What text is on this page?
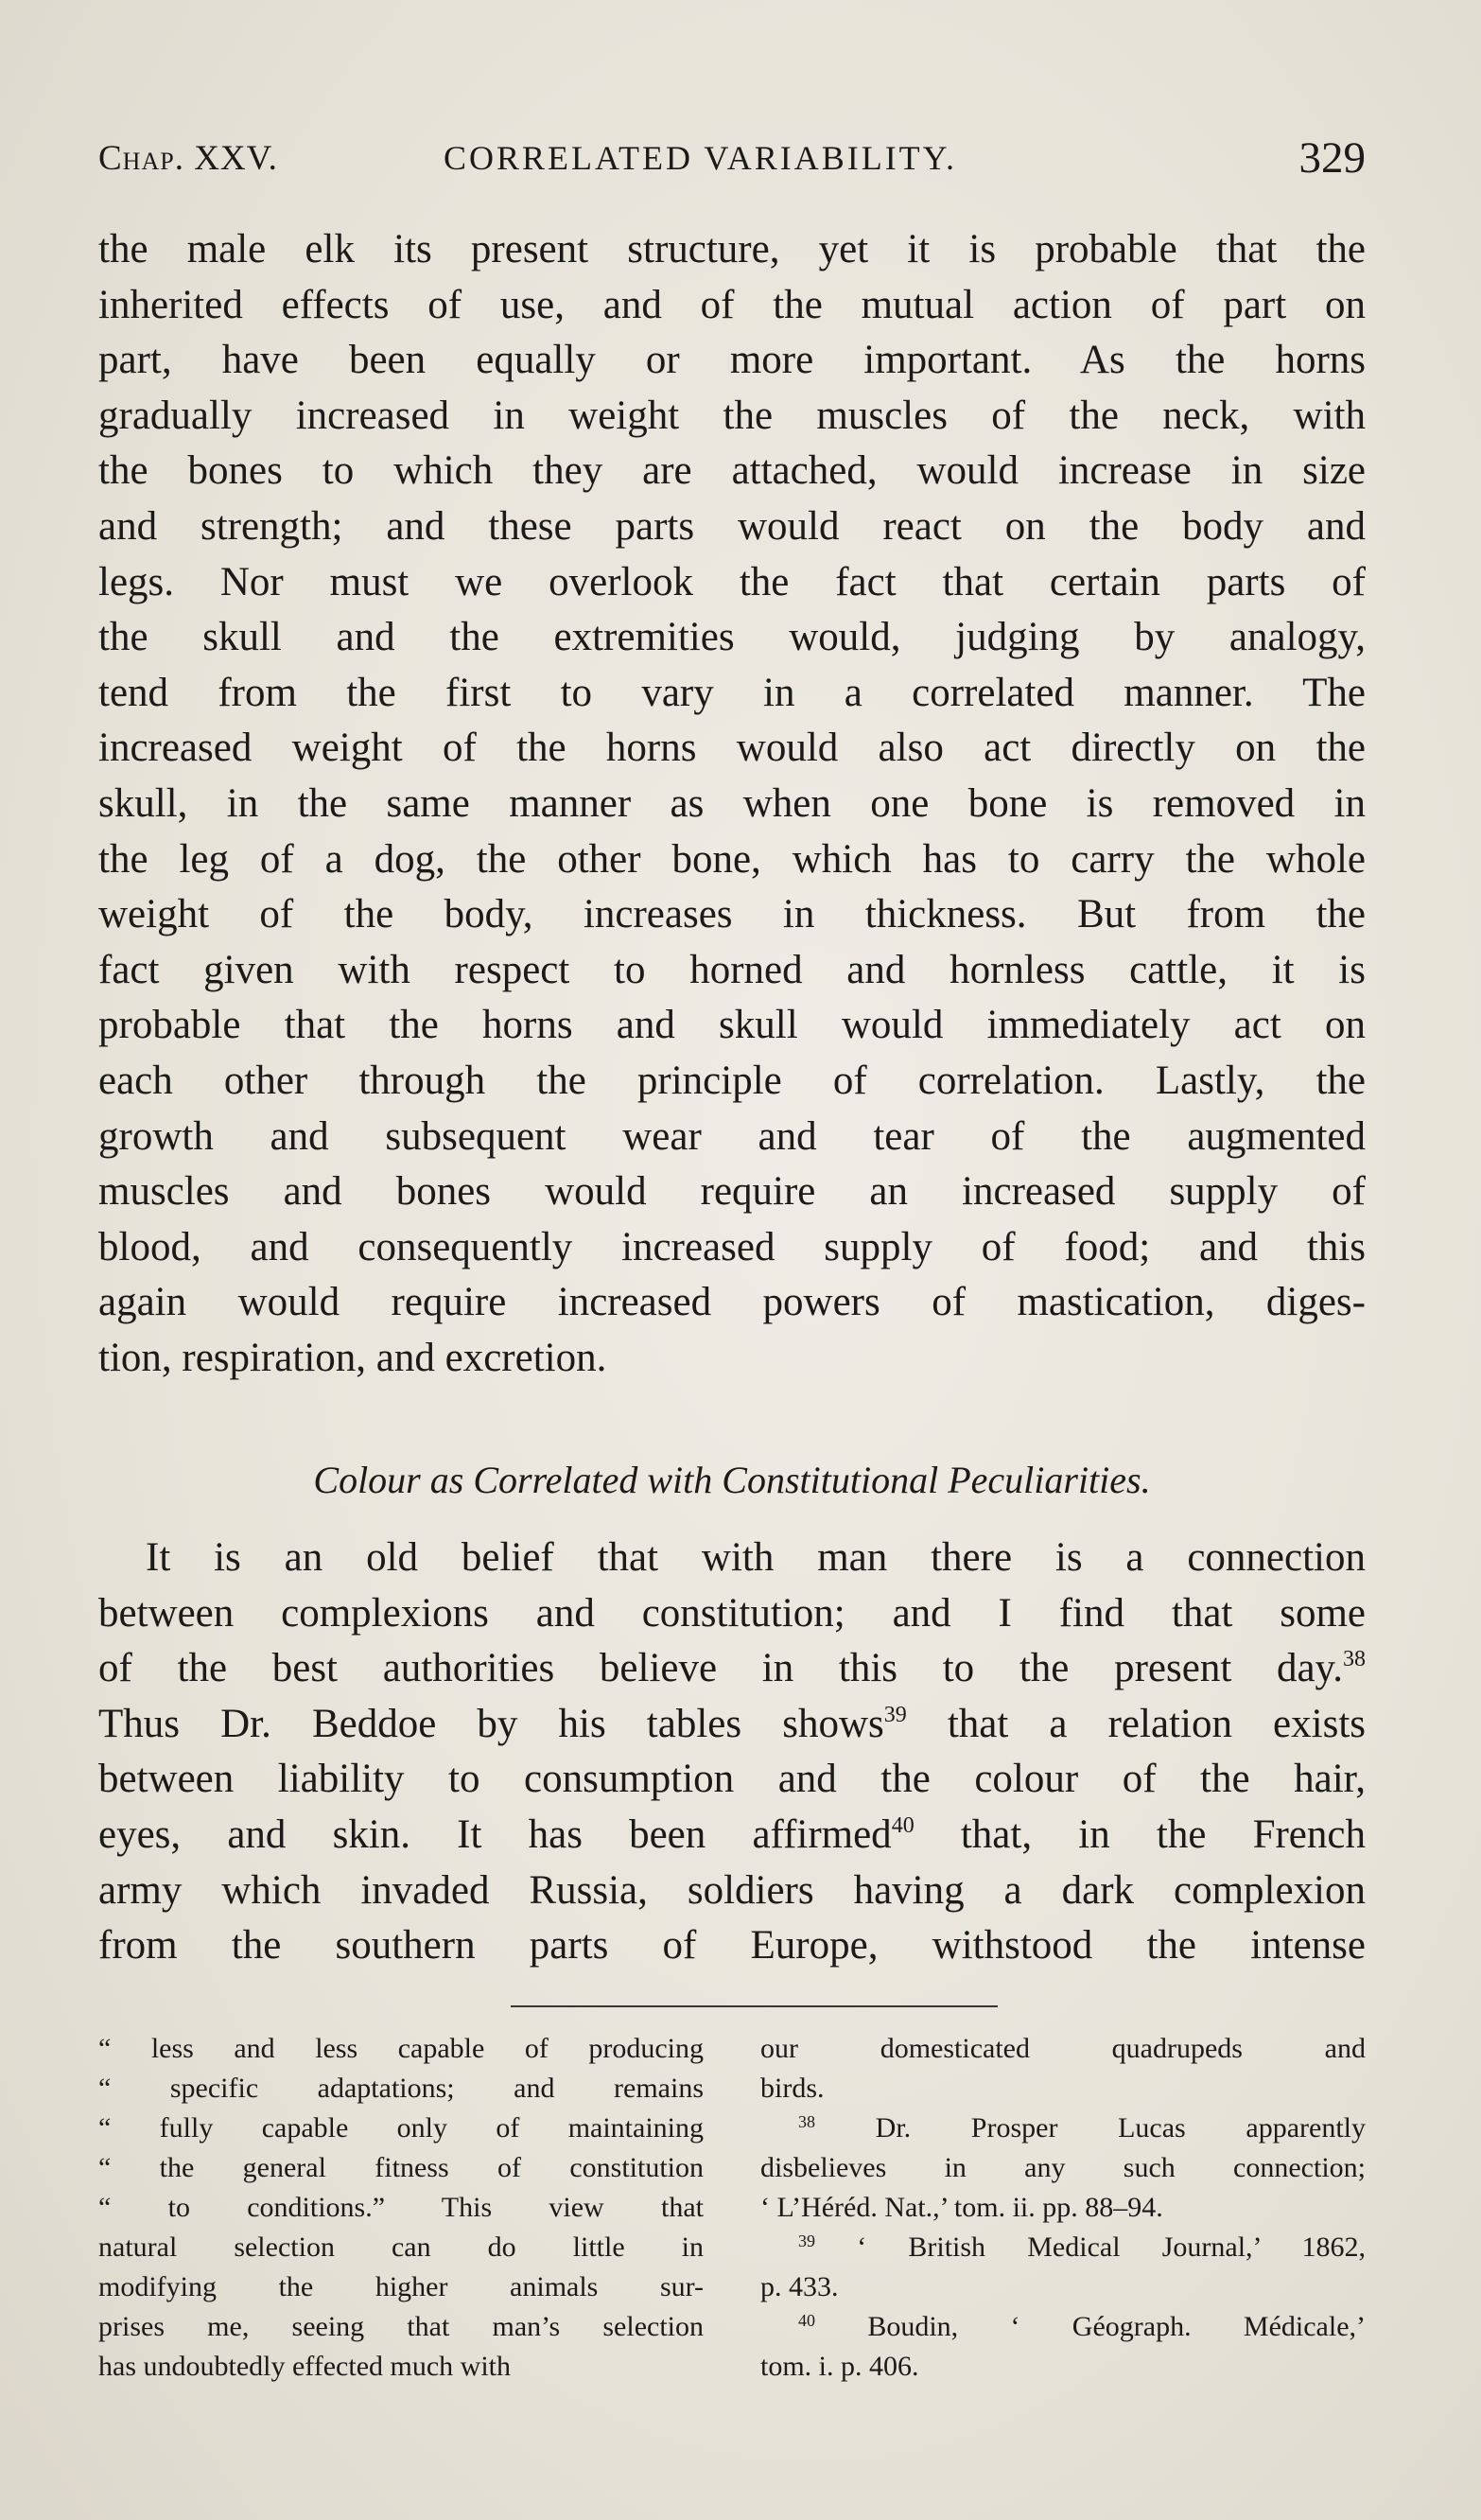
Chap. XXV.	CORRELATED VARIABILITY.	329
the male elk its present structure, yet it is probable that the
inherited effects of use, and of the mutual action of part on
part, have been equally or more important. As the horns
gradually increased in weight the muscles of the neck, with
the bones to which they are attached, would increase in size
and strength; and these parts would react on the body and
legs. Nor must we overlook the fact that certain parts of
the skull and the extremities would, judging by analogy,
tend from the first to vary in a correlated manner. The
increased weight of the horns would also act directly on the
skull, in the same manner as when one bone is removed in
the leg of a dog, the other bone, which has to carry the whole
weight of the body, increases in thickness. But from the
fact given with respect to horned and hornless cattle, it is
probable that the horns and skull would immediately act on
each other through the principle of correlation. Lastly, the
growth and subsequent wear and tear of the augmented
muscles and bones would require an increased supply of
blood, and consequently increased supply of food; and this
again would require increased powers of mastication, diges-
tion, respiration, and excretion.
Colour as Correlated with Constitutional Peculiarities.
It is an old belief that with man there is a connection
between complexions and constitution; and I find that some
of the best authorities believe in this to the present day.$^{38}$
Thus Dr. Beddoe by his tables shows$^{39}$ that a relation exists
between liability to consumption and the colour of the hair,
eyes, and skin. It has been affirmed$^{40}$ that, in the French
army which invaded Russia, soldiers having a dark complexion
from the southern parts of Europe, withstood the intense
“ less and less capable of producing
“ specific adaptations; and remains
“ fully capable only of maintaining
“ the general fitness of constitution
“ to conditions.” This view that
natural selection can do little in
modifying the higher animals sur-
prises me, seeing that man’s selection
has undoubtedly effected much with
our domesticated quadrupeds and
birds.
$^{38}$ Dr. Prosper Lucas apparently
disbelieves in any such connection;
‘ L’Héréd. Nat.,’ tom. ii. pp. 88–94.
$^{39}$ ‘ British Medical Journal,’ 1862,
p. 433.
$^{40}$ Boudin, ‘ Géograph. Médicale,’
tom. i. p. 406.
